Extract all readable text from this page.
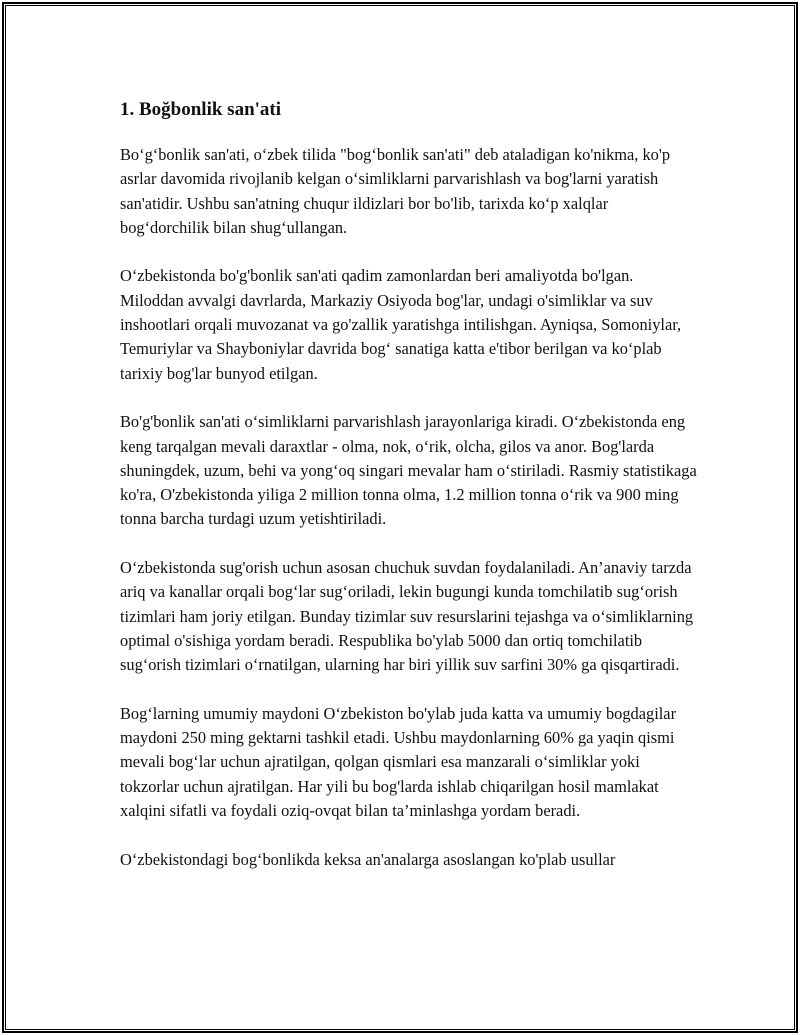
1. Boğbonlik san'ati

Bo‘g‘bonlik san'ati, o‘zbek tilida "bog‘bonlik san'ati" deb ataladigan ko'nikma, ko'p asrlar davomida rivojlanib kelgan o‘simliklarni parvarishlash va bog'larni yaratish san'atidir. Ushbu san'atning chuqur ildizlari bor bo'lib, tarixda ko‘p xalqlar bog‘dorchilik bilan shug‘ullangan.

O‘zbekistonda bo'g'bonlik san'ati qadim zamonlardan beri amaliyotda bo'lgan. Miloddan avvalgi davrlarda, Markaziy Osiyoda bog'lar, undagi o'simliklar va suv inshootlari orqali muvozanat va go'zallik yaratishga intilishgan. Ayniqsa, Somoniylar, Temuriylar va Shayboniylar davrida bog‘ sanatiga katta e'tibor berilgan va ko‘plab tarixiy bog'lar bunyod etilgan.

Bo'g'bonlik san'ati o‘simliklarni parvarishlash jarayonlariga kiradi. O‘zbekistonda eng keng tarqalgan mevali daraxtlar - olma, nok, o‘rik, olcha, gilos va anor. Bog'larda shuningdek, uzum, behi va yong‘oq singari mevalar ham o‘stiriladi. Rasmiy statistikaga ko'ra, O'zbekistonda yiliga 2 million tonna olma, 1.2 million tonna o‘rik va 900 ming tonna barcha turdagi uzum yetishtiriladi.

O‘zbekistonda sug'orish uchun asosan chuchuk suvdan foydalaniladi. An’anaviy tarzda ariq va kanallar orqali bog‘lar sug‘oriladi, lekin bugungi kunda tomchilatib sug‘orish tizimlari ham joriy etilgan. Bunday tizimlar suv resurslarini tejashga va o‘simliklarning optimal o'sishiga yordam beradi. Respublika bo'ylab 5000 dan ortiq tomchilatib sug‘orish tizimlari o‘rnatilgan, ularning har biri yillik suv sarfini 30% ga qisqartiradi.

Bog‘larning umumiy maydoni O‘zbekiston bo'ylab juda katta va umumiy bogdagilar maydoni 250 ming gektarni tashkil etadi. Ushbu maydonlarning 60% ga yaqin qismi mevali bog‘lar uchun ajratilgan, qolgan qismlari esa manzarali o‘simliklar yoki tokzorlar uchun ajratilgan. Har yili bu bog'larda ishlab chiqarilgan hosil mamlakat xalqini sifatli va foydali oziq-ovqat bilan ta’minlashga yordam beradi.

O‘zbekistondagi bog‘bonlikda keksa an'analarga asoslangan ko'plab usullar
